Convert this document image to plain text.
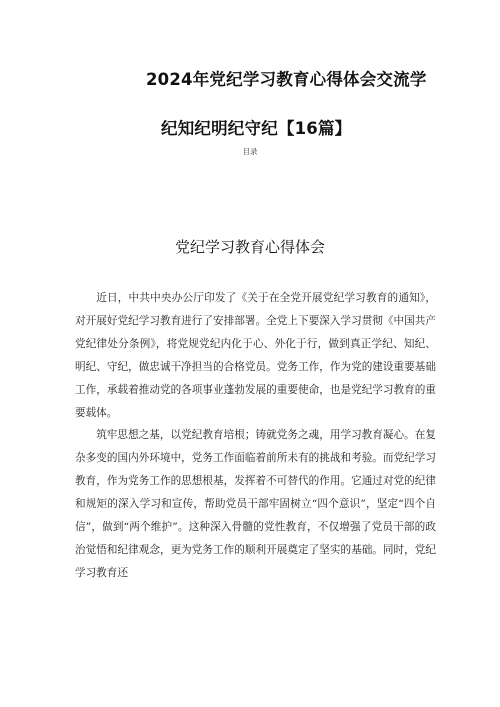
2024年党纪学习教育心得体会交流学
纪知纪明纪守纪【16篇】
目录
党纪学习教育心得体会

近日，中共中央办公厅印发了《关于在全党开展党纪学习教育的通知》，对开展好党纪学习教育进行了安排部署。全党上下要深入学习贯彻《中国共产党纪律处分条例》，将党规党纪内化于心、外化于行，做到真正学纪、知纪、明纪、守纪，做忠诚干净担当的合格党员。党务工作，作为党的建设重要基础工作，承载着推动党的各项事业蓬勃发展的重要使命，也是党纪学习教育的重要载体。

筑牢思想之基，以党纪教育培根；铸就党务之魂，用学习教育凝心。在复杂多变的国内外环境中，党务工作面临着前所未有的挑战和考验。而党纪学习教育，作为党务工作的思想根基，发挥着不可替代的作用。它通过对党的纪律和规矩的深入学习和宣传，帮助党员干部牢固树立“四个意识”，坚定“四个自信”，做到“两个维护”。这种深入骨髓的党性教育，不仅增强了党员干部的政治觉悟和纪律观念，更为党务工作的顺利开展奠定了坚实的基础。同时，党纪学习教育还
